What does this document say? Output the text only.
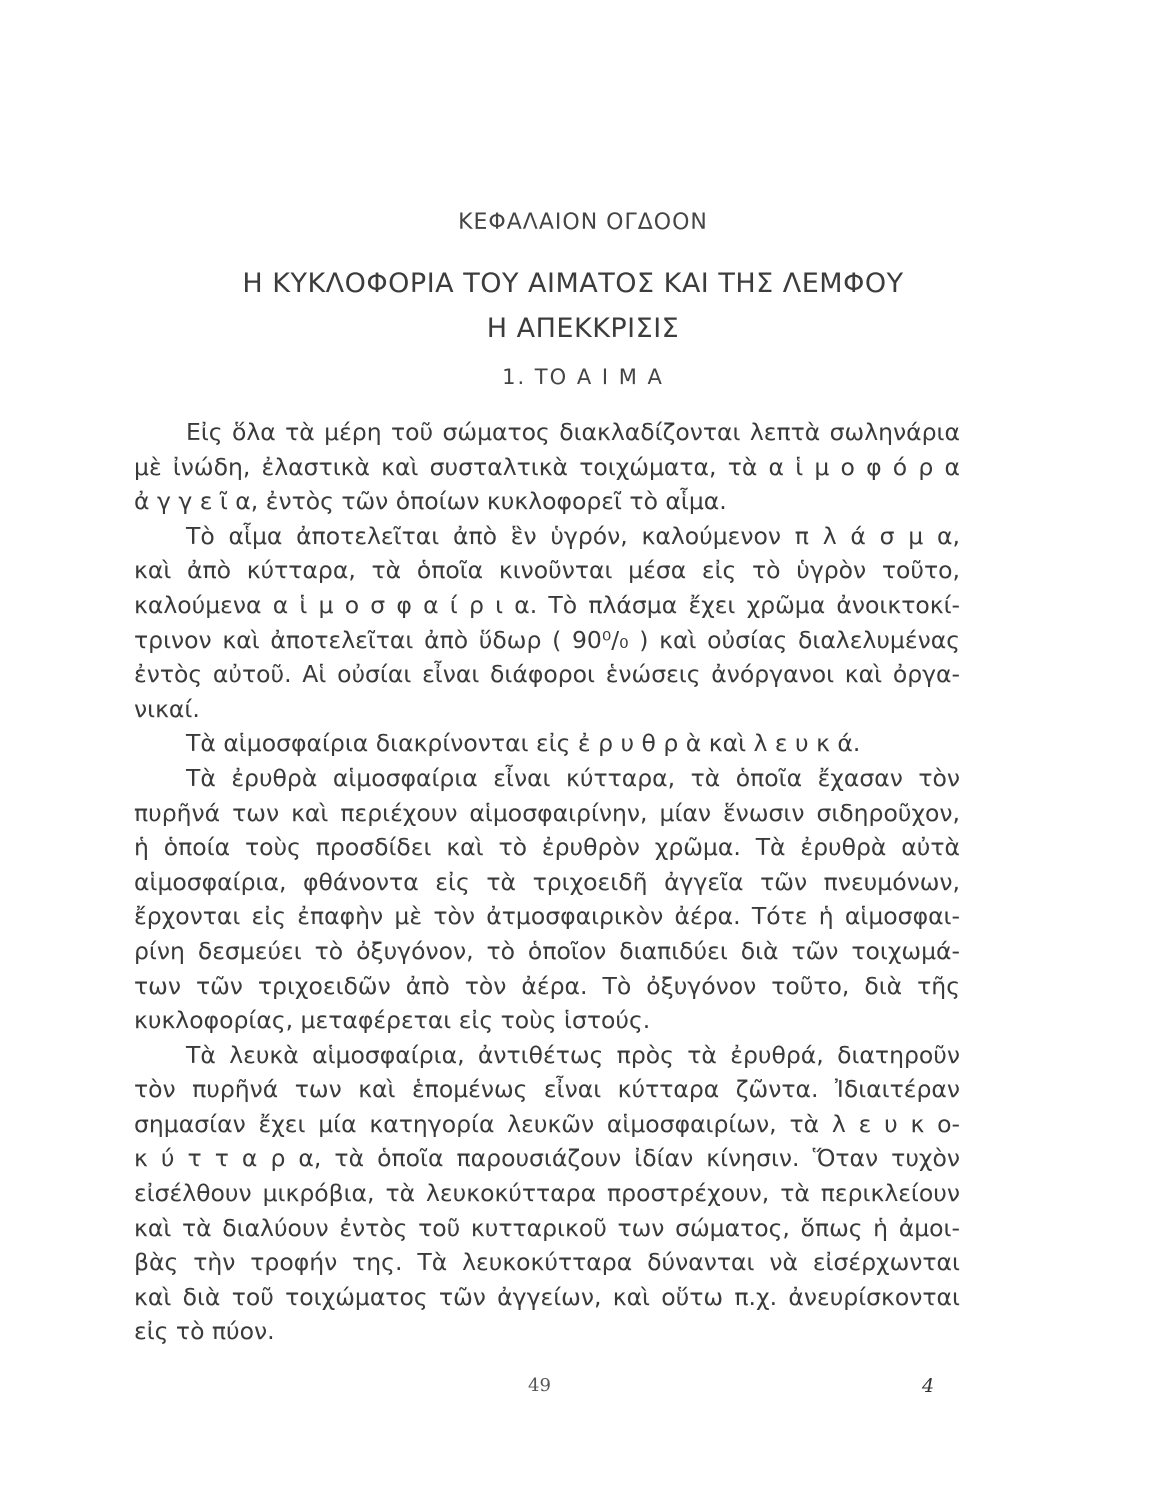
ΚΕΦΑΛΑΙΟΝ ΟΓΔΟΟΝ
Η ΚΥΚΛΟΦΟΡΙΑ ΤΟΥ ΑΙΜΑΤΟΣ ΚΑΙ ΤΗΣ ΛΕΜΦΟΥ
Η ΑΠΕΚΚΡΙΣΙΣ
1. ΤΟ Α Ι Μ Α
Εἰς ὅλα τὰ μέρη τοῦ σώματος διακλαδίζονται λεπτὰ σωληνάρια
μὲ ἰνώδη, ἐλαστικὰ καὶ συσταλτικὰ τοιχώματα, τὰ α ἱ μ ο φ ό ρ α
ἀ γ γ ε ῖ α, ἐντὸς τῶν ὁποίων κυκλοφορεῖ τὸ αἷμα.
Τὸ αἷμα ἀποτελεῖται ἀπὸ ἓν ὑγρόν, καλούμενον π λ ά σ μ α,
καὶ ἀπὸ κύτταρα, τὰ ὁποῖα κινοῦνται μέσα εἰς τὸ ὑγρὸν τοῦτο,
καλούμενα α ἱ μ ο σ φ α ί ρ ι α. Τὸ πλάσμα ἔχει χρῶμα ἀνοικτοκί-
τρινον καὶ ἀποτελεῖται ἀπὸ ὕδωρ ( 90⁰/₀ ) καὶ οὐσίας διαλελυμένας
ἐντὸς αὐτοῦ. Αἱ οὐσίαι εἶναι διάφοροι ἑνώσεις ἀνόργανοι καὶ ὀργα-
νικαί.
Τὰ αἱμοσφαίρια διακρίνονται εἰς ἐ ρ υ θ ρ ὰ καὶ λ ε υ κ ά.
Τὰ ἐρυθρὰ αἱμοσφαίρια εἶναι κύτταρα, τὰ ὁποῖα ἔχασαν τὸν
πυρῆνά των καὶ περιέχουν αἱμοσφαιρίνην, μίαν ἕνωσιν σιδηροῦχον,
ἡ ὁποία τοὺς προσδίδει καὶ τὸ ἐρυθρὸν χρῶμα. Τὰ ἐρυθρὰ αὐτὰ
αἱμοσφαίρια, φθάνοντα εἰς τὰ τριχοειδῆ ἀγγεῖα τῶν πνευμόνων,
ἔρχονται εἰς ἐπαφὴν μὲ τὸν ἀτμοσφαιρικὸν ἀέρα. Τότε ἡ αἱμοσφαι-
ρίνη δεσμεύει τὸ ὀξυγόνον, τὸ ὁποῖον διαπιδύει διὰ τῶν τοιχωμά-
των τῶν τριχοειδῶν ἀπὸ τὸν ἀέρα. Τὸ ὀξυγόνον τοῦτο, διὰ τῆς
κυκλοφορίας, μεταφέρεται εἰς τοὺς ἱστούς.
Τὰ λευκὰ αἱμοσφαίρια, ἀντιθέτως πρὸς τὰ ἐρυθρά, διατηροῦν
τὸν πυρῆνά των καὶ ἑπομένως εἶναι κύτταρα ζῶντα. Ἰδιαιτέραν
σημασίαν ἔχει μία κατηγορία λευκῶν αἱμοσφαιρίων, τὰ λ ε υ κ ο-
κ ύ τ τ α ρ α, τὰ ὁποῖα παρουσιάζουν ἰδίαν κίνησιν. Ὅταν τυχὸν
εἰσέλθουν μικρόβια, τὰ λευκοκύτταρα προστρέχουν, τὰ περικλείουν
καὶ τὰ διαλύουν ἐντὸς τοῦ κυτταρικοῦ των σώματος, ὅπως ἡ ἀμοι-
βὰς τὴν τροφήν της. Τὰ λευκοκύτταρα δύνανται νὰ εἰσέρχωνται
καὶ διὰ τοῦ τοιχώματος τῶν ἀγγείων, καὶ οὕτω π.χ. ἀνευρίσκονται
εἰς τὸ πύον.
49	4
